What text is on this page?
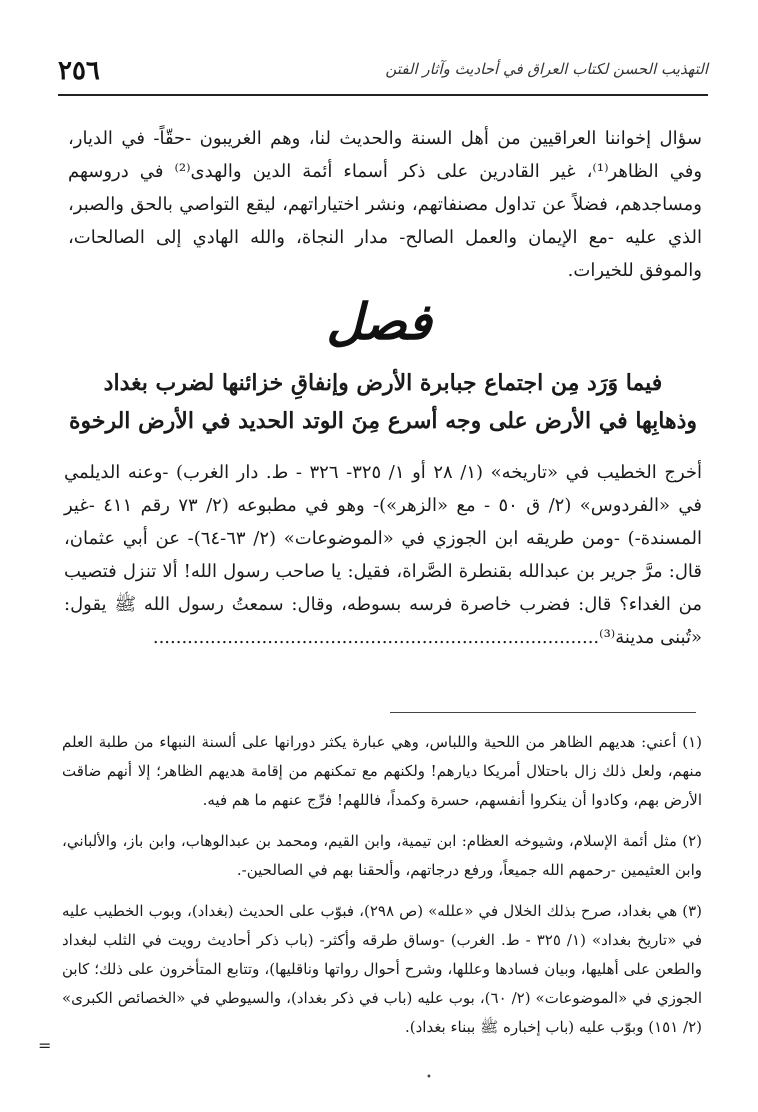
٢٥٦	التهذيب الحسن لكتاب العراق في أحاديث وآثار الفتن

سؤال إخواننا العراقيين من أهل السنة والحديث لنا، وهم الغريبون -حقّاً- في الديار، وفي الظاهر⁽¹⁾، غير القادرين على ذكر أسماء أئمة الدين والهدى⁽²⁾ في دروسهم ومساجدهم، فضلاً عن تداول مصنفاتهم، ونشر اختياراتهم، ليقع التواصي بالحق والصبر، الذي عليه -مع الإيمان والعمل الصالح- مدار النجاة، والله الهادي إلى الصالحات، والموفق للخيرات.

فصل
فيما وَرَد مِن اجتماع جبابرة الأرض وإنفاقِ خزائنها لضرب بغداد
وذهابِها في الأرض على وجه أسرع مِنَ الوتد الحديد في الأرض الرخوة

أخرج الخطيب في «تاريخه» (١/ ٢٨ أو ١/ ٣٢٥- ٣٢٦ - ط. دار الغرب) -وعنه الديلمي في «الفردوس» (٢/ ق ٥٠ - مع «الزهر»)- وهو في مطبوعه (٢/ ٧٣ رقم ٤١١ -غير المسندة-) -ومن طريقه ابن الجوزي في «الموضوعات» (٢/ ٦٣-٦٤)- عن أبي عثمان، قال: مرَّ جرير بن عبدالله بقنطرة الصَّراة، فقيل: يا صاحب رسول الله! ألا تنزل فتصيب من الغداء؟ قال: فضرب خاصرة فرسه بسوطه، وقال: سمعتُ رسول الله ﷺ يقول: «تُبنى مدينة⁽³⁾..............................................................................

(١) أعني: هديهم الظاهر من اللحية واللباس، وهي عبارة يكثر دورانها على ألسنة النبهاء من طلبة العلم منهم، ولعل ذلك زال باحتلال أمريكا ديارهم! ولكنهم مع تمكنهم من إقامة هديهم الظاهر؛ إلا أنهم ضاقت الأرض بهم، وكادوا أن ينكروا أنفسهم، حسرة وكمداً، فاللهم! فرِّج عنهم ما هم فيه.

(٢) مثل أئمة الإسلام، وشيوخه العظام: ابن تيمية، وابن القيم، ومحمد بن عبدالوهاب، وابن باز، والألباني، وابن العثيمين -رحمهم الله جميعاً، ورفع درجاتهم، وألحقنا بهم في الصالحين-.

(٣) هي بغداد، صرح بذلك الخلال في «علله» (ص ٢٩٨)، فبوّب على الحديث (بغداد)، وبوب الخطيب عليه في «تاريخ بغداد» (١/ ٣٢٥ - ط. الغرب) -وساق طرقه وأكثر- (باب ذكر أحاديث رويت في الثلب لبغداد والطعن على أهليها، وبيان فسادها وعللها، وشرح أحوال رواتها وناقليها)، وتتابع المتأخرون على ذلك؛ كابن الجوزي في «الموضوعات» (٢/ ٦٠)، بوب عليه (باب في ذكر بغداد)، والسيوطي في «الخصائص الكبرى» (٢/ ١٥١) وبوّب عليه (باب إخباره ﷺ ببناء بغداد).

=
•
